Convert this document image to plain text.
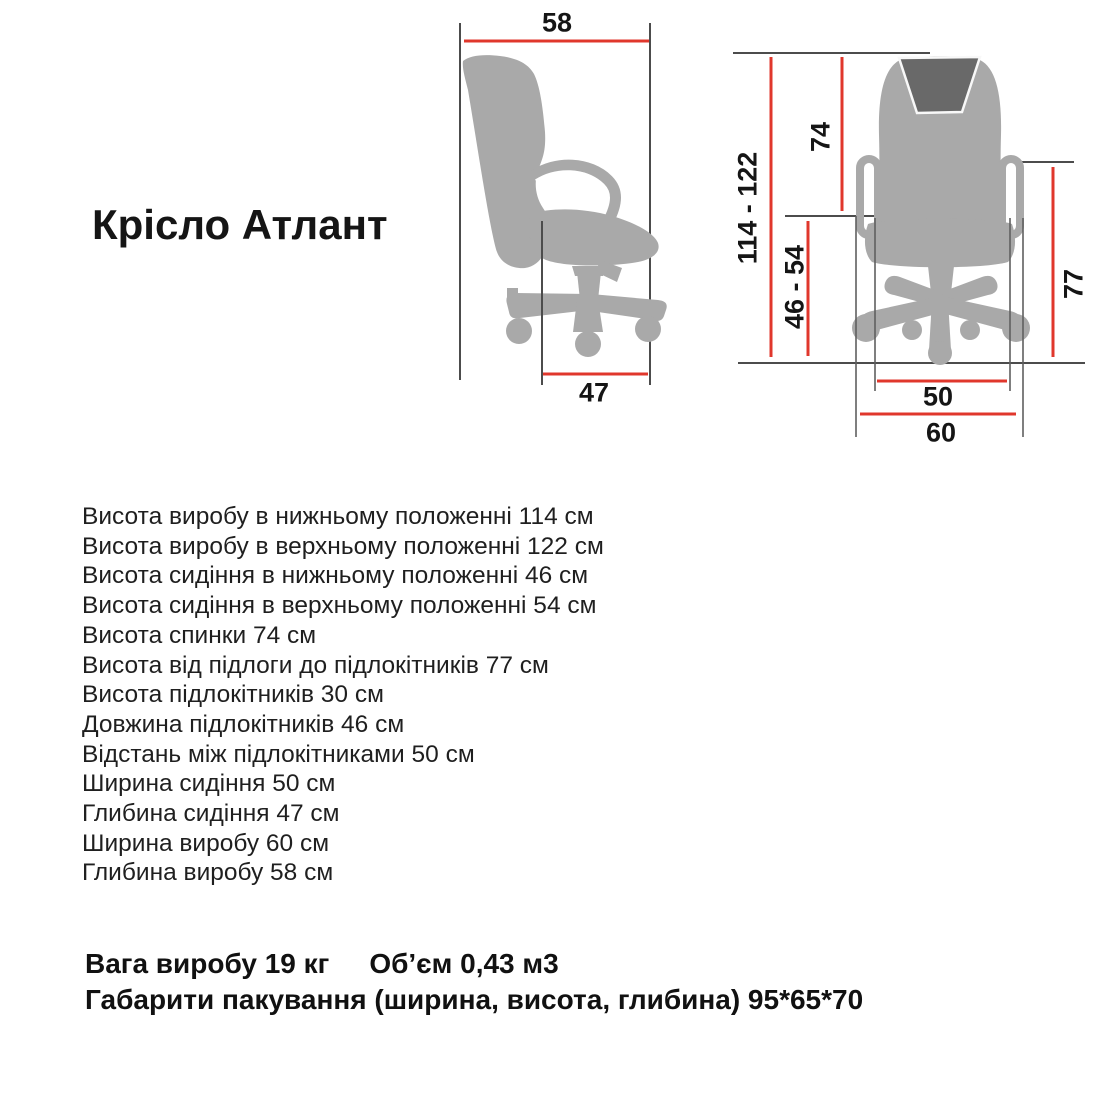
Крісло Атлант
58
47
114 - 122
74
46 - 54	77
50
60
Висота виробу в нижньому положенні 114 см
Висота виробу в верхньому положенні 122 см
Висота сидіння в нижньому положенні 46 см
Висота сидіння в верхньому положенні 54 см
Висота спинки 74 см
Висота від підлоги до підлокітників 77 см
Висота підлокітників 30 см
Довжина підлокітників 46 см
Відстань між підлокітниками 50 см
Ширина сидіння 50 см
Глибина сидіння 47 см
Ширина виробу 60 см
Глибина виробу 58 см
Вага виробу 19 кг Об’єм 0,43 м3
Габарити пакування (ширина, висота, глибина) 95*65*70
